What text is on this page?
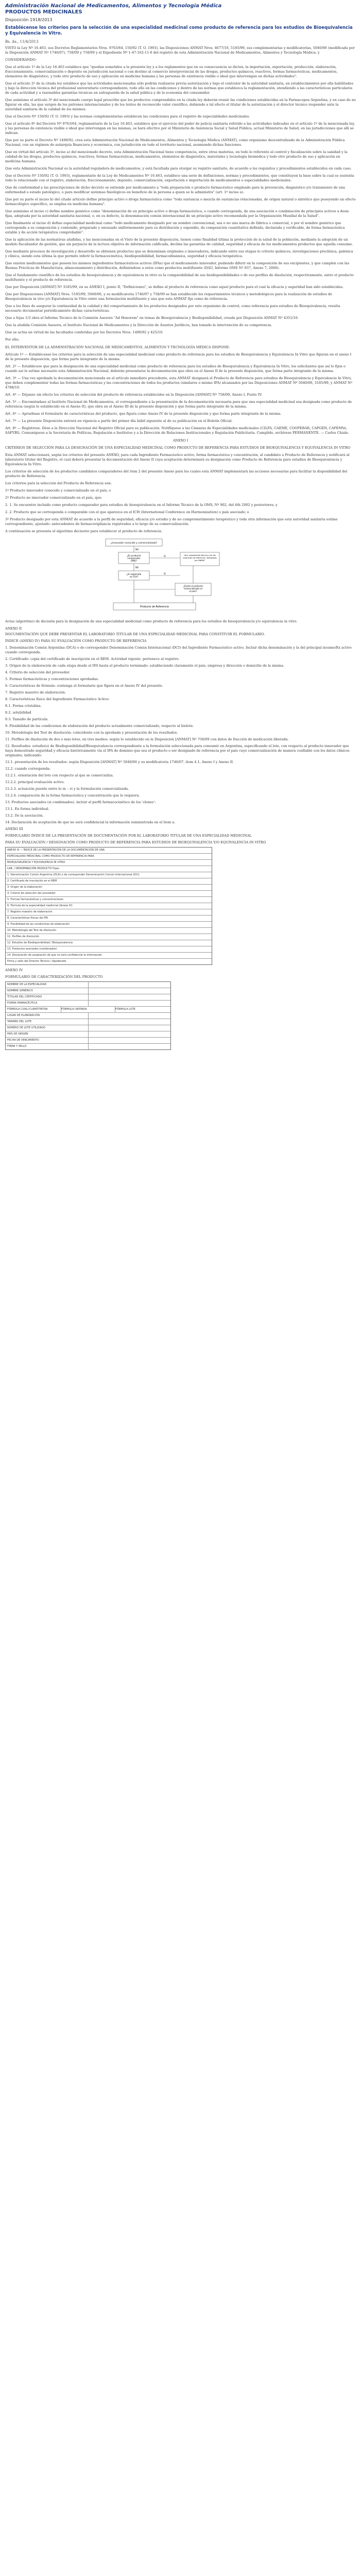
Administración Nacional de Medicamentos, Alimentos y Tecnología Médica
PRODUCTOS MEDICINALES
Disposición 1918/2013
Establécense los criterios para la selección de una especialidad medicinal como producto de referencia para los estudios de Bioequivalencia y Equivalencia In Vitro.
Bs. As., 11/4/2013

VISTO la Ley Nº 16.463, sus Decretos Reglamentarios Nros. 9763/64, 150/92 (T. O. 1993), las Disposiciones ANMAT Nros. 4677/10, 5185/99, sus complementarias y modificatorias, 5040/06 (modificada por la Disposición ANMAT Nº 1746/07), 758/09 y 758/09 y el Expediente Nº 1-47-162-11-6 del registro de esta Administración Nacional de Medicamentos, Alimentos y Tecnología Médica; y

CONSIDERANDO:

Que el artículo 1º de la Ley 16.463 establece que "quedan sometidos a la presente ley y a los reglamentos que en su consecuencia se dicten, la importación, exportación, producción, elaboración, fraccionamiento, comercialización o depósito en jurisdicción nacional o con destino al comercio interprovincial de las drogas, productos químicos, reactivos, formas farmacéuticas, medicamentos, elementos de diagnóstico, y todo otro producto de uso y aplicación en medicina humana y las personas de existencia visible o ideal que intervengan en dichas actividades".

Que el artículo 2º de la citada ley establece que las actividades mencionadas sólo podrán realizarse previa autorización y bajo el contralor de la autoridad sanitaria, en establecimientos por ella habilitados y bajo la dirección técnica del profesional universitario correspondiente, todo ello en las condiciones y dentro de las normas que establezca la reglamentación, atendiendo a las características particulares de cada actividad y a razonables garantías técnicas en salvaguarda de la salud pública y de la economía del consumidor.

Que asimismo el artículo 3º del mencionado cuerpo legal prescribe que los productos comprendidos en la citada ley deberán reunir las condiciones establecidas en la Farmacopea Argentina, y en caso de no figurar en ella, las que surgen de los patrones internacionales y de los textos de reconocido valor científico, debiendo a tal efecto el titular de la autorización y el director técnico responder ante la autoridad sanitaria de la calidad de los mismos.

Que el Decreto Nº 150/92 (T. O. 1993) y las normas complementarias establecen las condiciones para el registro de especialidades medicinales.

Que el artículo 8º del Decreto Nº 9763/64, reglamentario de la Ley 16.463, establece que el ejercicio del poder de policía sanitaria referido a las actividades indicadas en el artículo 1º de la mencionada ley, y las personas de existencia visible o ideal que intervengan en las mismas, se hará efectivo por el Ministerio de Asistencia Social y Salud Pública, actual Ministerio de Salud, en las jurisdicciones que allí se indican.

Que por su parte el Decreto Nº 1490/92, crea esta Administración Nacional de Medicamentos, Alimentos y Tecnología Médica (ANMAT), como organismo descentralizado de la Administración Pública Nacional, con un régimen de autarquía financiera y económica, con jurisdicción en todo el territorio nacional, asumiendo dichas funciones.

Que en virtud del artículo 3º, inciso a) del mencionado decreto, esta Administración Nacional tiene competencia, entre otras materias, en todo lo referente al control y fiscalización sobre la sanidad y la calidad de las drogas, productos químicos, reactivos, formas farmacéuticas, medicamentos, elementos de diagnóstico, materiales y tecnología biomédica y todo otro producto de uso y aplicación en medicina humana.

Que esta Administración Nacional es la autoridad reguladora de medicamentos, y está facultada para otorgar su registro sanitario, de acuerdo a los requisitos y procedimientos establecidos en cada caso.

Que el Decreto Nº 150/92 (T. O. 1993), reglamentario de la Ley de Medicamentos Nº 16.463, establece una serie de definiciones, normas y procedimientos, que constituyen la base sobre la cual se sustenta todo lo relacionado con el registro, elaboración, fraccionamiento, depósito, comercialización, exportación e importación de medicamentos o especialidades medicinales.

Que de conformidad a las prescripciones de dicho decreto se entiende por medicamento a "toda preparación o producto farmacéutico empleado para la prevención, diagnóstico y/o tratamiento de una enfermedad o estado patológico, o para modificar sistemas fisiológicos en beneficio de la persona a quien se le administra" (art. 1º inciso a).

Que por su parte el inciso b) del citado artículo define principio activo o droga farmacéutica como "toda sustancia o mezcla de sustancias relacionadas, de origen natural o sintético que poseyendo un efecto farmacológico específico, se emplea en medicina humana".

Que asimismo el inciso c) define nombre genérico como "denominación de un principio activo o droga farmacéutica, o cuando corresponda, de una asociación o combinación de principios activos a dosis fijas, adoptada por la autoridad sanitaria nacional, o, en su defecto, la denominación común internacional de un principio activo recomendada por la Organización Mundial de la Salud".

Que finalmente el inciso d) define especialidad medicinal como "todo medicamento designado por un nombre convencional, sea o no una marca de fábrica o comercial, o por el nombre genérico que corresponda a su composición y contenido, preparado y envasado uniformemente para su distribución y expendio, de composición cuantitativa definida, declarada y verificable, de forma farmacéutica estable y de acción terapéutica comprobable".

Que la aplicación de las normativas aludidas, y las mencionadas en el Visto de la presente disposición, tienen como finalidad última la protección de la salud de la población, mediante la adopción de un modelo fiscalizador de gestión, que sin perjuicio de la lectura objetiva de información calificada, decline las garantías de calidad, seguridad y eficacia de los medicamentos productos que aquella consume.

Que mediante procesos de investigación y desarrollo se obtienen productos que se denominan originales o innovadores, indicando entre sus etapas lo criterio químicos, investigaciones preclínica, galénica y clínica, siendo esta última la que permite inferir la farmacocinética, biodisponibilidad, farmacodinámica, seguridad y eficacia terapéutica.

Que existen medicamentos que poseen los mismos ingredientes farmacéuticos activos (IFAs) que el medicamento innovador, pudiendo diferir en la composición de sus excipientes, y que cumplen con las Buenas Prácticas de Manufactura, almacenamiento y distribución, definiéndose a estos como productos multifuente (DAU, Informe OMS Nº 937, Anexo 7, 2006).

Que el fundamento científico de los estudios de bioequivalencia y de equivalencia in vitro es la comparabilidad de sus biodisponibilidades o de sus perfiles de disolución, respectivamente, entre el producto multifuente y el producto de referencia.

Que por Disposición [ANMAT] Nº 3185/99, en su ANEXO I, punto II, "Definiciones", se define al producto de referencia como aquel producto para el cual la eficacia y seguridad han sido establecidas.

Que por Disposiciones [ANMAT] Nros. 5185/99, 5040/06, y su modificatoria 1746/07 y 758/09 se han establecido los requerimientos técnicos y metodológicos para la realización de estudios de Bioequivalencia in vivo y/o Equivalencia in Vitro entre una formulación multifuente y una que esta ANMAT fija como de referencia.

Que a los fines de asegurar la continuidad de la calidad y del comportamiento de los productos designados por este organismo de control, como referencia para estudios de Bioequivalencia, resulta necesario documentar periódicamente dichas características.

Que a fojas 1/3 obra el Informe Técnico de la Comisión Asesora "Ad Honorem" en temas de Bioequivalencia y Biodisponibilidad, creada por Disposición ANMAT Nº 4351/10.

Que la aludida Comisión Asesora, el Instituto Nacional de Medicamentos y la Dirección de Asuntos Jurídicos, han tomado la intervención de su competencia.

Que se actúa en virtud de las facultades conferidas por los Decretos Nros. 1490/92 y 425/10.

Por ello;

EL INTERVENTOR DE LA ADMINISTRACIÓN NACIONAL DE MEDICAMENTOS, ALIMENTOS Y TECNOLOGÍA MÉDICA DISPONE:

Artículo 1º — Establécense los criterios para la selección de una especialidad medicinal como producto de referencia para los estudios de Bioequivalencia y Equivalencia In Vitro que figuran en el anexo I de la presente disposición, que forma parte integrante de la misma.

Art. 2º — Establécese que para la designación de una especialidad medicinal como producto de referencia para los estudios de Bioequivalencia y Equivalencia In Vitro, los solicitantes que así lo fijen o cuando así lo estime necesario esta Administración Nacional, deberán presentarse la documentación que obra en el Anexo II de la presente disposición, que forma parte integrante de la misma.

Art. 3º — Una vez aprobada la documentación mencionada en el artículo inmediato precedente, esta ANMAT designará el Producto de Referencia para estudios de Bioequivalencia y Equivalencia In Vitro, que deben complementar todas las formas farmacéuticas y las concentraciones de todos los productos (similares o mismo IFA) alcanzados por las Disposiciones ANMAT Nº 5040/06, 3185/99, y ANMAT Nº 4788/10.

Art. 4º — Déjanse sin efecto los criterios de selección del producto de referencia establecidos en la Disposición [ANMAT] Nº 758/09, Anexo I, Punto IV.

Art. 5º — Encomiéndase al Instituto Nacional de Medicamentos, el correspondiente a la presentación de la documentación necesaria para que una especialidad medicinal sea designada como producto de referencia (según lo establecido en el Anexo II), que obra en el Anexo III de la presente disposición y que forma parte integrante de la misma.

Art. 6º — Apruébase el formulario de características del producto, que figura como Anexo IV de la presente disposición y que forma parte integrante de la misma.

Art. 7º — La presente Disposición entrará en vigencia a partir del primer día hábil siguiente al de su publicación en el Boletín Oficial.

Art. 8º — Regístrese. Dése a la Dirección Nacional del Registro Oficial para su publicación. Notifíquese a las Cámaras de Especialidades medicinales (CILFA, CAEME, COOPERAR, CAPGEN, CAPEMVe, SAFYBI). Comuníquese a la Secretaría de Políticas, Regulación e Institutos y a la Dirección de Relaciones Institucionales y Regulación Publicitaria. Cumplido, archívese PERMANENTE. — Carlos Chiale.

ANEXO I

CRITERIOS DE SELECCIÓN PARA LA DESIGNACIÓN DE UNA ESPECIALIDAD MEDICINAL COMO PRODUCTO DE REFERENCIA PARA ESTUDIOS DE BIOEQUIVALENCIA Y EQUIVALENCIA IN VITRO

Esta ANMAT seleccionará, según los criterios del presente ANEXO, para cada Ingrediente Farmacéutico activo, forma farmacéutica y concentración, al candidato a Producto de Referencia y notificará al laboratorio titular del Registro, el cual deberá presentar la documentación del Anexo II cuya aceptación determinará su designación como Producto de Referencia para estudios de Bioequivalencia y Equivalencia In Vitro.

Los criterios de selección de los productos candidatos comparadores del item 2 del presente Anexo para los cuales esta ANMAT implementará las acciones necesarias para facilitar la disponibilidad del producto de Referencia.

Los criterios para la selección del Producto de Referencia son:

1º Producto innovador conocido y comercializado en el país; o

2º Producto no innovador comercializado en el país, que:

2. 1. Se encuentre incluido como producto comparador para estudios de bioequivalencia en el Informe Técnico de la OMS, Nº 902, del 4th 2002 y posteriores; y

2. 2. Producto que se corresponda o comparable con el que aparezca en el ICH (International Conference on Harmonization) o país asociado; o

3º Producto designado por esta ANMAT de acuerdo a la perfil de seguridad, eficacia y/o estudio y de no comprometimiento terapéutico y toda otra información que esta autoridad sanitaria estime correspondiente, ajustado: antecedentes de farmacovigilancia registrados a lo largo de su comercialización.

A continuación se presenta el algoritmo decisorio para establecer el producto de referencia.

¿Innovador conocido y comercializado?
NO
¿Es producto comparador OMS?
SI
NO
¿Sí registrado en ICH?
SI
Otro, seguimiento técnico o de los productos de referencia / Designado por ANMAT
¿Existe el producto comercializado en el país?
Producto de Referencia

Actas (algoritmo) de decisión para la designación de una especialidad medicinal como producto de referencia para los estudios de bioequivalencia y/o equivalencia in vitro.

ANEXO II

DOCUMENTACIÓN QUE DEBE PRESENTAR EL LABORATORIO TITULAR DE UNA ESPECIALIDAD MEDICINAL PARA CONSTITUIR EL FORMULARIO.
ÍNDICE (ANEXO IV) PARA SU EVALUACIÓN COMO PRODUCTO DE REFERENCIA
1. Denominación Común Argentina (DCA) o de corresponder Denominación Común Internacional (DCI) del Ingrediente Farmacéutico activo. Incluir dicha denominación y la del principal insumo/Ex activo cuando corresponda.
2. Certificado: copia del certificado de inscripción en el REM. Actividad vigente: pertenece al registro.
3. Origen de la elaboración de cada etapa desde el IFA hasta el producto terminado: estableciendo claramente el país, empresa y dirección o domicilio de la misma.
4. Criterio de selección del proveedor.
5. Formas farmacéuticas y concentraciones aprobadas.
6. Características de fórmula: contenga el formulario que figura en el Anexo IV del presente.
7. Registro maestro de elaboración.
8. Características físico del Ingrediente Farmacéutico Activo:
8.1. Forma cristalina.
8.2. solubilidad
8.3. Tamaño de partícula.
9. Flexibilidad de las condiciones de elaboración del producto actualmente comercializado, respecto al biolote.
10. Metodología del Test de disolución: coincidente con la aprobada y presentación de los resultados.
11. Perfiles de disolución de dos o más lotes, en tres medios: según lo establecido en la Disposición [ANMAT] Nº 758/09 con datos de fracción de medicación liberada.
12. Resultados: estudio(s) de Biodisponibilidad/Bioequivalencia correspondiente a la formulación seleccionada para consumir en Argentina, especificando el lote, con respecto al producto innovador que haya demostrado seguridad y eficacia históricamente vía el IFA de dominio que sea el producto o ser designado de referencia por el país cuyo comercialización de manera confiable con los datos clínicos originales, indicando:
12.1. presentación de los resultados: según Disposición [ANMAT] Nº 5040/06 y su modificatoria 1746/07, ítem 4.1, Anexo I y Anexo II.
12.2. cuando corresponda:
12.2.1. orientación del lote con respecto al que se comercializa.
12.2.2. principal evaluación activo.
12.2.3. actuación puente entre lo in – vi y la formulación comercializada.
12.2.4. comparación de la forma farmacéutica y concentración que lo requiera.
13. Productos asociados (si combinados). incluir el perfil farmacocinético de los 'clones':
13.1. En forma individual.
13.2. De la asociación.
14. Declaración de aceptación de que no será confidencial la información suministrada en el ítem a.
ANEXO III
FORMULARIO ÍNDICE DE LA PRESENTACIÓN DE DOCUMENTACIÓN POR EL LABORATORIO TITULAR DE UNA ESPECIALIDAD MEDICINAL
PARA SU EVALUACIÓN / DESIGNACIÓN COMO PRODUCTO DE REFERENCIA PARA ESTUDIOS DE BIOEQUIVALENCIA Y/O EQUIVALENCIA IN VITRO
ANEXO III — ÍNDICE DE LA PRESENTACIÓN DE LA DOCUMENTACIÓN DE UNA
ESPECIALIDAD MEDICINAL COMO PRODUCTO DE REFERENCIA PARA
BIOEQUIVALENCIA Y EQUIVALENCIA IN VITRO
LAB. / DENOMINACIÓN PRODUCTO Fojas
1. Denominación Común Argentina (DCA) o de corresponder Denominación Común Internacional (DCI)
2. Certificado de inscripción en el REM
3. Origen de la elaboración
4. Criterio de selección del proveedor
5. Formas farmacéuticas y concentraciones
6. Fórmula de la especialidad medicinal (Anexo IV)
7. Registro maestro de elaboración
8. Características físicas del IFA
9. Flexibilidad de las condiciones de elaboración
10. Metodología del Test de disolución
11. Perfiles de disolución
12. Estudios de Biodisponibilidad / Bioequivalencia
13. Productos asociados (combinados)
14. Declaración de aceptación de que no será confidencial la información
Firma y sello del Director Técnico / Apoderado

ANEXO IV

FORMULARIO DE CARACTERIZACIÓN DEL PRODUCTO

NOMBRE DE LA ESPECIALIDAD
NOMBRE GENÉRICO
TITULAR DEL CERTIFICADO
FORMA FARMACÉUTICA
FÓRMULA CUALI-CUANTITATIVA	FÓRMULA UNITARIA	FÓRMULA LOTE
LUGAR DE ELABORACIÓN
TAMAÑO DEL LOTE
NÚMERO DE LOTE UTILIZADO
PAÍS DE ORIGEN
FECHA DE VENCIMIENTO
FIRMA Y SELLO
